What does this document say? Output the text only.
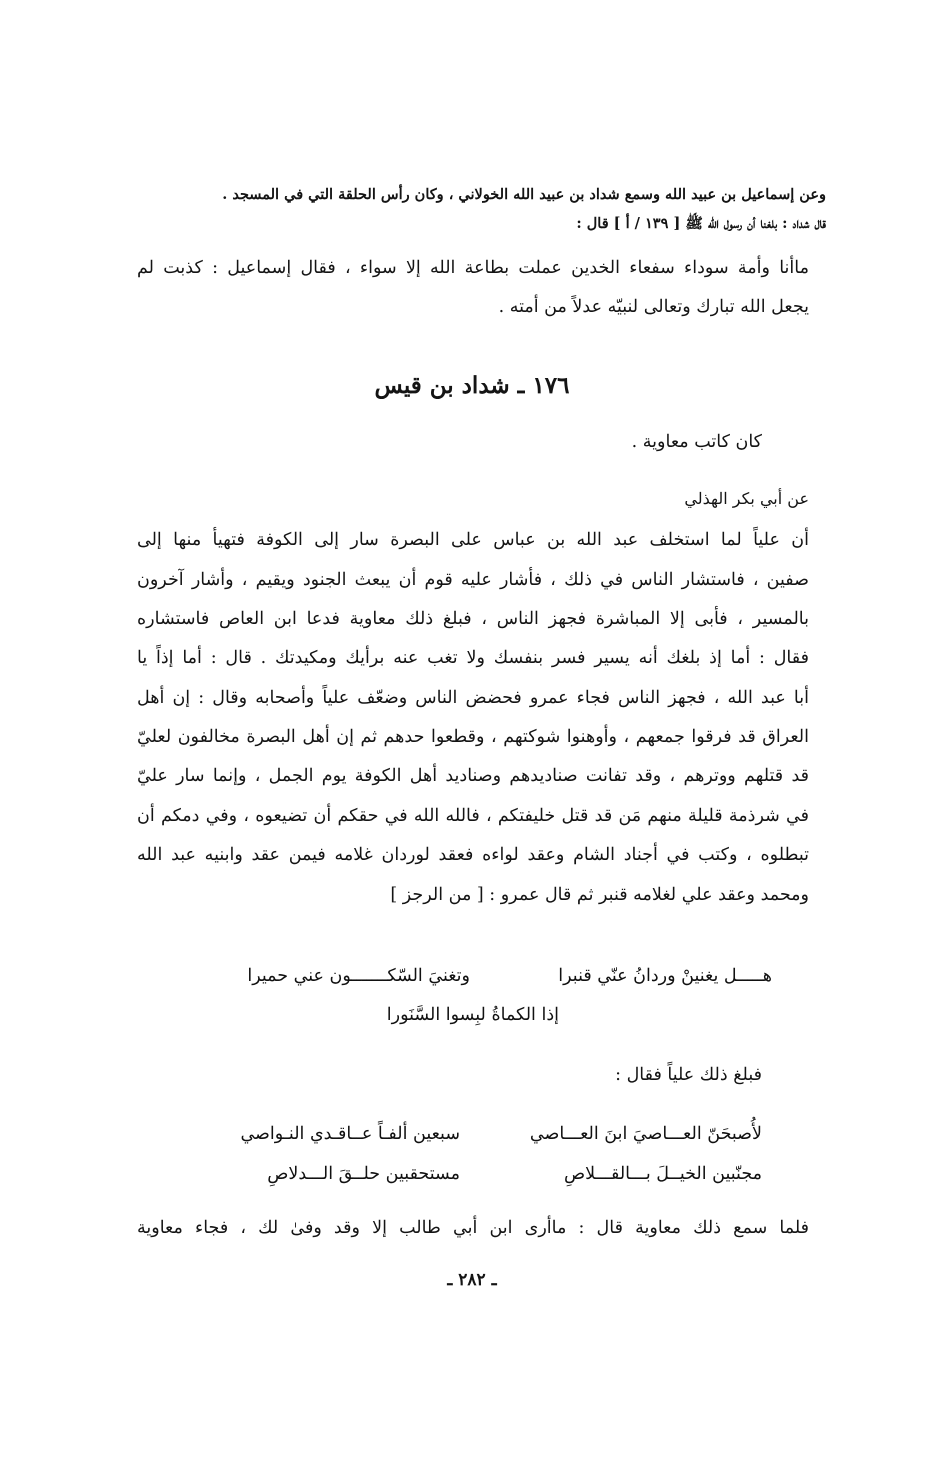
وعن إسماعيل بن عبيد الله وسمع شداد بن عبيد الله الخولاني ، وكان رأس الحلقة التي في المسجد .
قال شداد : بلغنا أن رسول الله ﷺ [ ١٣٩ / أ ] قال :
ماأنا وأمة سوداء سفعاء الخدين عملت بطاعة الله إلا سواء ، فقال إسماعيل : كذبت لم
يجعل الله تبارك وتعالى لنبيّه عدلاً من أمته .
١٧٦ ـ شداد بن قيس
كان كاتب معاوية .
عن أبي بكر الهذلي
أن علياً لما استخلف عبد الله بن عباس على البصرة سار إلى الكوفة فتهيأ منها إلى
صفين ، فاستشار الناس في ذلك ، فأشار عليه قوم أن يبعث الجنود ويقيم ، وأشار آخرون
بالمسير ، فأبى إلا المباشرة فجهز الناس ، فبلغ ذلك معاوية فدعا ابن العاص فاستشاره
فقال : أما إذ بلغك أنه يسير فسر بنفسك ولا تغب عنه برأيك ومكيدتك . قال : أما إذاً يا
أبا عبد الله ، فجهز الناس فجاء عمرو فحضض الناس وضعّف علياً وأصحابه وقال : إن أهل
العراق قد فرقوا جمعهم ، وأوهنوا شوكتهم ، وقطعوا حدهم ثم إن أهل البصرة مخالفون لعليّ
قد قتلهم ووترهم ، وقد تفانت صناديدهم وصناديد أهل الكوفة يوم الجمل ، وإنما سار عليّ
في شرذمة قليلة منهم مَن قد قتل خليفتكم ، فالله الله في حقكم أن تضيعوه ، وفي دمكم أن
تبطلوه ، وكتب في أجناد الشام وعقد لواءه فعقد لوردان غلامه فيمن عقد وابنيه عبد الله
ومحمد وعقد علي لغلامه قنبر ثم قال عمرو : [ من الرجز ]
هـــــل يغنينْ وردانُ عنّي قنبرا
وتغنيَ السّكـــــــون عني حميرا
إذا الكماةُ لبِسوا السَّنَورا
فبلغ ذلك علياً فقال :
لأُصبحَنّ العـــاصيَ ابنَ العـــاصي
سبعين ألفـاً عــاقـدي النـواصي
مجنّبين الخيــلَ بـــالقـــلاصِ
مستحقبين حلــقَ الـــدلاصِ
فلما سمع ذلك معاوية قال : ماأرى ابن أبي طالب إلا وقد وفىٰ لك ، فجاء معاوية
ـ ٢٨٢ ـ
